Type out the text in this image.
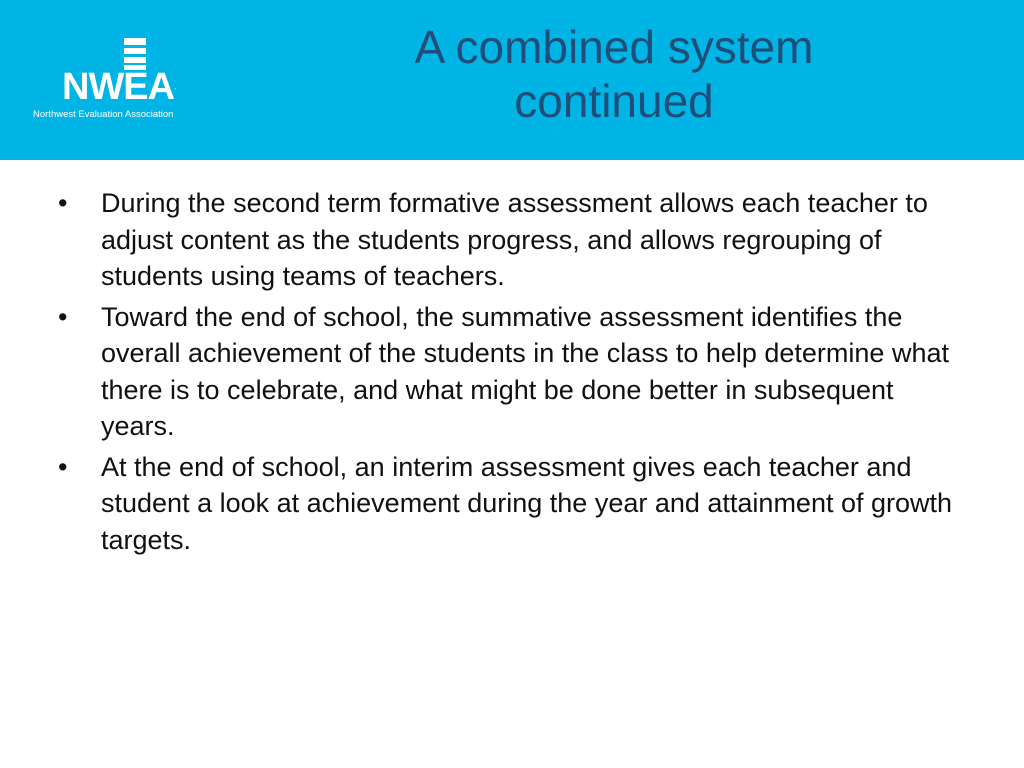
NWEA.
Northwest Evaluation Association
A combined system
continued
• During the second term formative assessment allows each teacher to adjust content as the students progress, and allows regrouping of students using teams of teachers.
• Toward the end of school, the summative assessment identifies the overall achievement of the students in the class to help determine what there is to celebrate, and what might be done better in subsequent years.
• At the end of school, an interim assessment gives each teacher and student a look at achievement during the year and attainment of growth targets.
